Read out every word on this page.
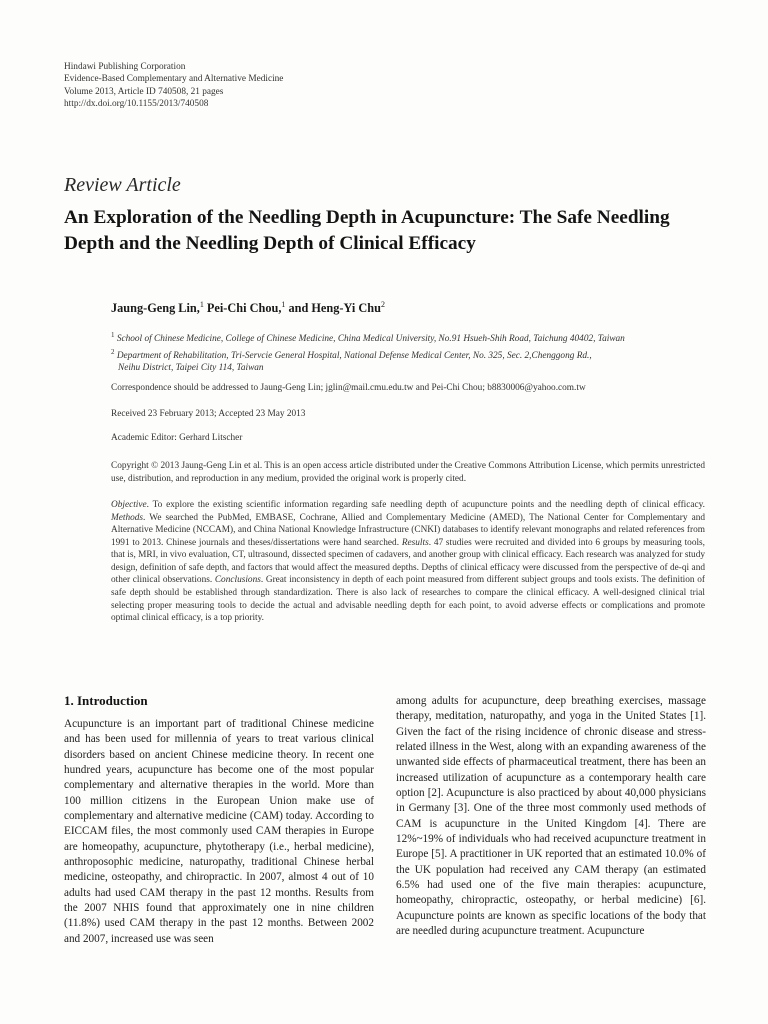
Hindawi Publishing Corporation
Evidence-Based Complementary and Alternative Medicine
Volume 2013, Article ID 740508, 21 pages
http://dx.doi.org/10.1155/2013/740508
Review Article
An Exploration of the Needling Depth in Acupuncture: The Safe Needling Depth and the Needling Depth of Clinical Efficacy
Jaung-Geng Lin,$^1$ Pei-Chi Chou,$^1$ and Heng-Yi Chu$^2$
$^1$ School of Chinese Medicine, College of Chinese Medicine, China Medical University, No.91 Hsueh-Shih Road, Taichung 40402, Taiwan
$^2$ Department of Rehabilitation, Tri-Servcie General Hospital, National Defense Medical Center, No. 325, Sec. 2,Chenggong Rd.,
Neihu District, Taipei City 114, Taiwan
Correspondence should be addressed to Jaung-Geng Lin; jglin@mail.cmu.edu.tw and Pei-Chi Chou; b8830006@yahoo.com.tw
Received 23 February 2013; Accepted 23 May 2013
Academic Editor: Gerhard Litscher
Copyright © 2013 Jaung-Geng Lin et al. This is an open access article distributed under the Creative Commons Attribution License, which permits unrestricted use, distribution, and reproduction in any medium, provided the original work is properly cited.
Objective. To explore the existing scientific information regarding safe needling depth of acupuncture points and the needling depth of clinical efficacy. Methods. We searched the PubMed, EMBASE, Cochrane, Allied and Complementary Medicine (AMED), The National Center for Complementary and Alternative Medicine (NCCAM), and China National Knowledge Infrastructure (CNKI) databases to identify relevant monographs and related references from 1991 to 2013. Chinese journals and theses/dissertations were hand searched. Results. 47 studies were recruited and divided into 6 groups by measuring tools, that is, MRI, in vivo evaluation, CT, ultrasound, dissected specimen of cadavers, and another group with clinical efficacy. Each research was analyzed for study design, definition of safe depth, and factors that would affect the measured depths. Depths of clinical efficacy were discussed from the perspective of de-qi and other clinical observations. Conclusions. Great inconsistency in depth of each point measured from different subject groups and tools exists. The definition of safe depth should be established through standardization. There is also lack of researches to compare the clinical efficacy. A well-designed clinical trial selecting proper measuring tools to decide the actual and advisable needling depth for each point, to avoid adverse effects or complications and promote optimal clinical efficacy, is a top priority.
1. Introduction
Acupuncture is an important part of traditional Chinese medicine and has been used for millennia of years to treat various clinical disorders based on ancient Chinese medicine theory. In recent one hundred years, acupuncture has become one of the most popular complementary and alternative therapies in the world. More than 100 million citizens in the European Union make use of complementary and alternative medicine (CAM) today. According to EICCAM files, the most commonly used CAM therapies in Europe are homeopathy, acupuncture, phytotherapy (i.e., herbal medicine), anthroposophic medicine, naturopathy, traditional Chinese herbal medicine, osteopathy, and chiropractic. In 2007, almost 4 out of 10 adults had used CAM therapy in the past 12 months. Results from the 2007 NHIS found that approximately one in nine children (11.8%) used CAM therapy in the past 12 months. Between 2002 and 2007, increased use was seen
among adults for acupuncture, deep breathing exercises, massage therapy, meditation, naturopathy, and yoga in the United States [1]. Given the fact of the rising incidence of chronic disease and stress-related illness in the West, along with an expanding awareness of the unwanted side effects of pharmaceutical treatment, there has been an increased utilization of acupuncture as a contemporary health care option [2]. Acupuncture is also practiced by about 40,000 physicians in Germany [3]. One of the three most commonly used methods of CAM is acupuncture in the United Kingdom [4]. There are 12%~19% of individuals who had received acupuncture treatment in Europe [5]. A practitioner in UK reported that an estimated 10.0% of the UK population had received any CAM therapy (an estimated 6.5% had used one of the five main therapies: acupuncture, homeopathy, chiropractic, osteopathy, or herbal medicine) [6]. Acupuncture points are known as specific locations of the body that are needled during acupuncture treatment. Acupuncture
